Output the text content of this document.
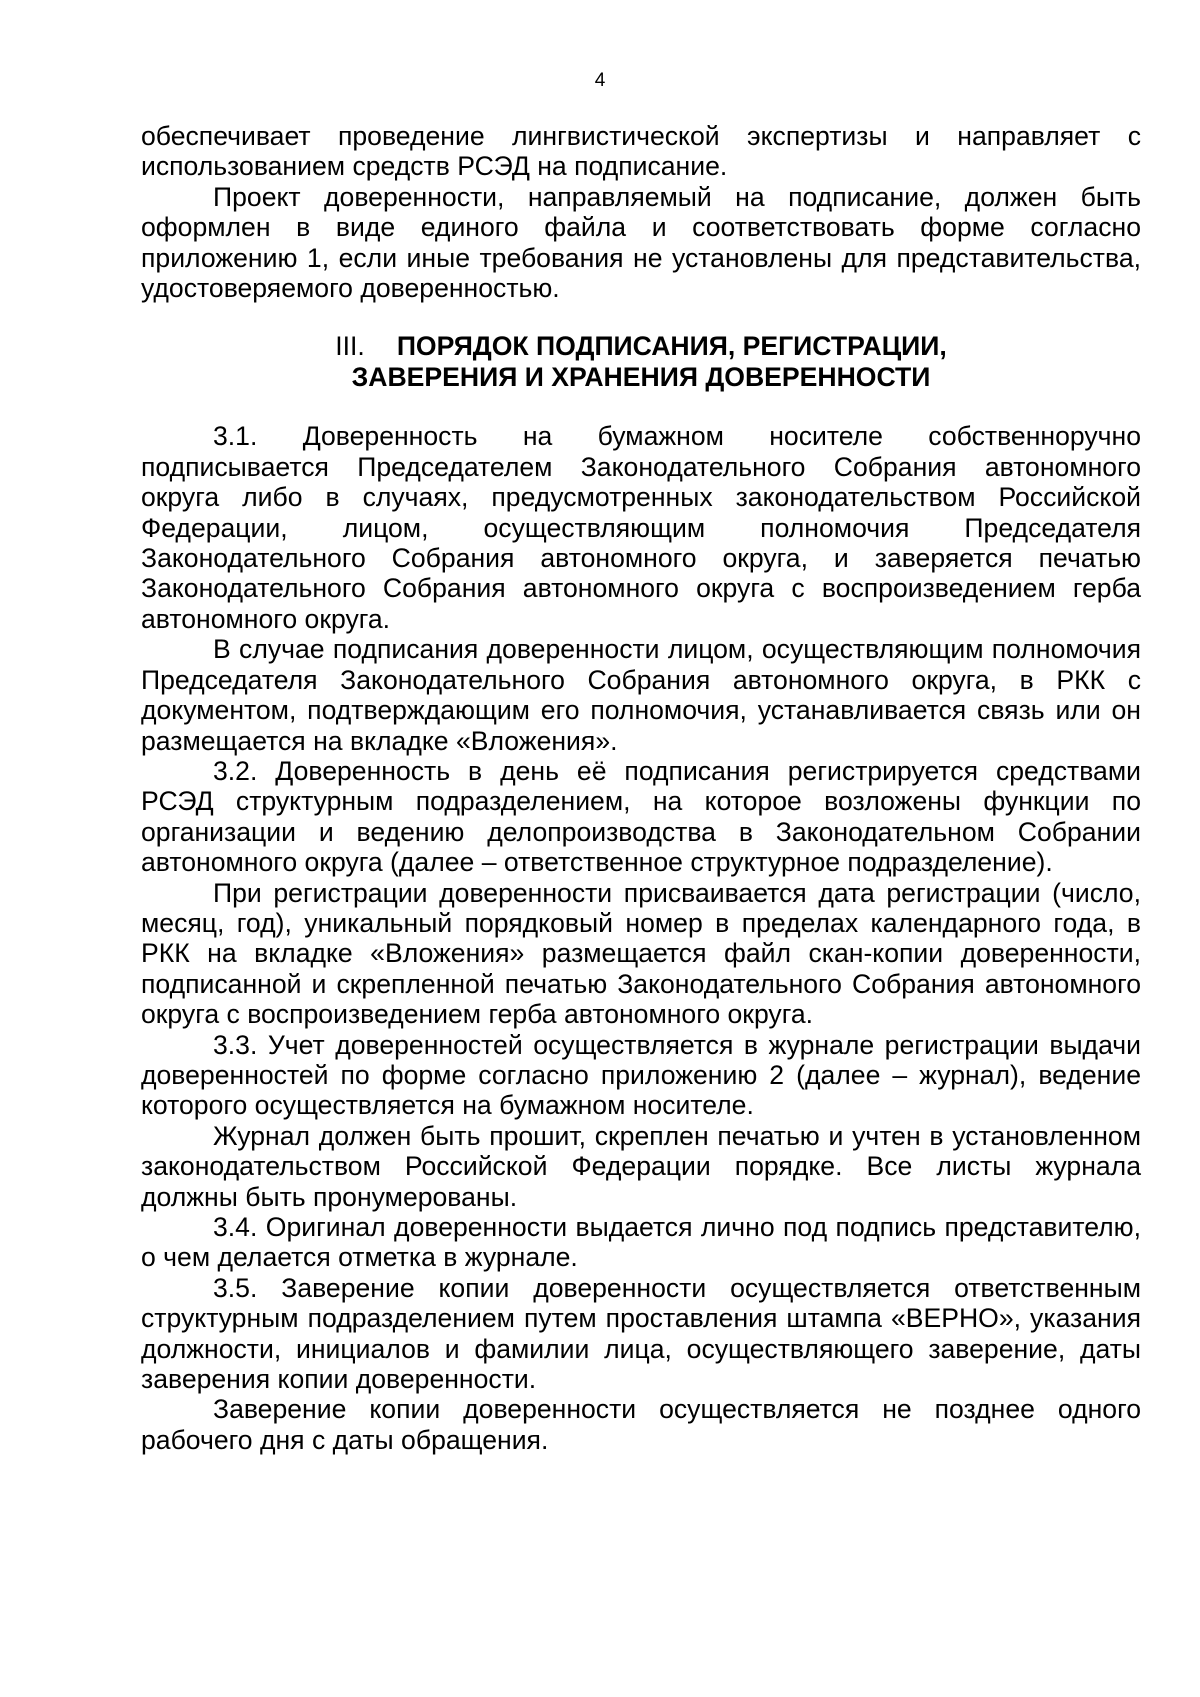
4

обеспечивает проведение лингвистической экспертизы и направляет с использованием средств РСЭД на подписание.

Проект доверенности, направляемый на подписание, должен быть оформлен в виде единого файла и соответствовать форме согласно приложению 1, если иные требования не установлены для представительства, удостоверяемого доверенностью.

III. ПОРЯДОК ПОДПИСАНИЯ, РЕГИСТРАЦИИ,
ЗАВЕРЕНИЯ И ХРАНЕНИЯ ДОВЕРЕННОСТИ

3.1. Доверенность на бумажном носителе собственноручно подписывается Председателем Законодательного Собрания автономного округа либо в случаях, предусмотренных законодательством Российской Федерации, лицом, осуществляющим полномочия Председателя Законодательного Собрания автономного округа, и заверяется печатью Законодательного Собрания автономного округа с воспроизведением герба автономного округа.

В случае подписания доверенности лицом, осуществляющим полномочия Председателя Законодательного Собрания автономного округа, в РКК с документом, подтверждающим его полномочия, устанавливается связь или он размещается на вкладке «Вложения».

3.2. Доверенность в день её подписания регистрируется средствами РСЭД структурным подразделением, на которое возложены функции по организации и ведению делопроизводства в Законодательном Собрании автономного округа (далее – ответственное структурное подразделение).

При регистрации доверенности присваивается дата регистрации (число, месяц, год), уникальный порядковый номер в пределах календарного года, в РКК на вкладке «Вложения» размещается файл скан-копии доверенности, подписанной и скрепленной печатью Законодательного Собрания автономного округа с воспроизведением герба автономного округа.

3.3. Учет доверенностей осуществляется в журнале регистрации выдачи доверенностей по форме согласно приложению 2 (далее – журнал), ведение которого осуществляется на бумажном носителе.

Журнал должен быть прошит, скреплен печатью и учтен в установленном законодательством Российской Федерации порядке. Все листы журнала должны быть пронумерованы.

3.4. Оригинал доверенности выдается лично под подпись представителю, о чем делается отметка в журнале.

3.5. Заверение копии доверенности осуществляется ответственным структурным подразделением путем проставления штампа «ВЕРНО», указания должности, инициалов и фамилии лица, осуществляющего заверение, даты заверения копии доверенности.

Заверение копии доверенности осуществляется не позднее одного рабочего дня с даты обращения.
